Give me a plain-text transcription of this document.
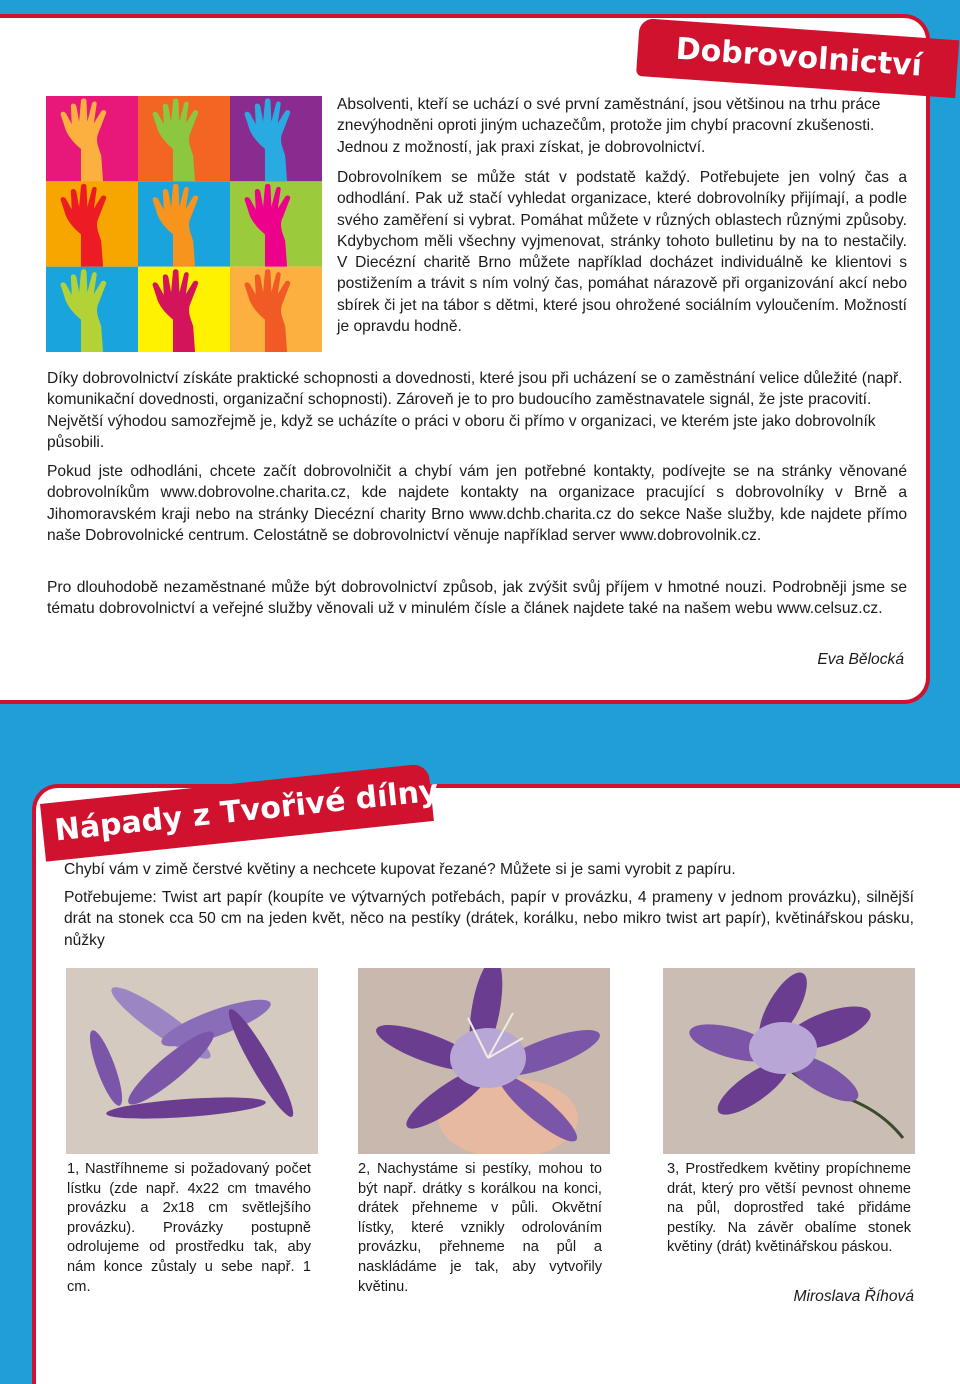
Dobrovolnictví

Absolventi, kteří se uchází o své první zaměstnání, jsou většinou na trhu práce znevýhodněni oproti jiným uchazečům, protože jim chybí pracovní zkušenosti. Jednou z možností, jak praxi získat, je dobrovolnictví.

Dobrovolníkem se může stát v podstatě každý. Potřebujete jen volný čas a odhodlání. Pak už stačí vyhledat organizace, které dobrovolníky přijímají, a podle svého zaměření si vybrat. Pomáhat můžete v různých oblastech různými způsoby. Kdybychom měli všechny vyjmenovat, stránky tohoto bulletinu by na to nestačily. V Diecézní charitě Brno můžete například docházet individuálně ke klientovi s postižením a trávit s ním volný čas, pomáhat nárazově při organizování akcí nebo sbírek či jet na tábor s dětmi, které jsou ohrožené sociálním vyloučením. Možností je opravdu hodně.

Díky dobrovolnictví získáte praktické schopnosti a dovednosti, které jsou při ucházení se o zaměstnání velice důležité (např. komunikační dovednosti, organizační schopnosti). Zároveň je to pro budoucího zaměstnavatele signál, že jste pracovití. Největší výhodou samozřejmě je, když se ucházíte o práci v oboru či přímo v organizaci, ve kterém jste jako dobrovolník působili.

Pokud jste odhodláni, chcete začít dobrovolničit a chybí vám jen potřebné kontakty, podívejte se na stránky věnované dobrovolníkům www.dobrovolne.charita.cz, kde najdete kontakty na organizace pracující s dobrovolníky v Brně a Jihomoravském kraji nebo na stránky Diecézní charity Brno www.dchb.charita.cz do sekce Naše služby, kde najdete přímo naše Dobrovolnické centrum. Celostátně se dobrovolnictví věnuje například server www.dobrovolnik.cz.

Pro dlouhodobě nezaměstnané může být dobrovolnictví způsob, jak zvýšit svůj příjem v hmotné nouzi. Podrobněji jsme se tématu dobrovolnictví a veřejné služby věnovali už v minulém čísle a článek najdete také na našem webu www.celsuz.cz.

Eva Bělocká

Nápady z Tvořivé dílny

Chybí vám v zimě čerstvé květiny a nechcete kupovat řezané? Můžete si je sami vyrobit z papíru.

Potřebujeme: Twist art papír (koupíte ve výtvarných potřebách, papír v provázku, 4 prameny v jednom provázku), silnější drát na stonek cca 50 cm na jeden květ, něco na pestíky (drátek, korálku, nebo mikro twist art papír), květinářskou pásku, nůžky

1, Nastříhneme si požadovaný počet lístku (zde např. 4x22 cm tmavého provázku a 2x18 cm světlejšího provázku). Provázky postupně odrolujeme od prostředku tak, aby nám konce zůstaly u sebe např. 1 cm.

2, Nachystáme si pestíky, mohou to být např. drátky s korálkou na konci, drátek přehneme v půli. Okvětní lístky, které vznikly odrolováním provázku, přehneme na půl a naskládáme je tak, aby vytvořily květinu.

3, Prostředkem květiny propíchneme drát, který pro větší pevnost ohneme na půl, doprostřed také přidáme pestíky. Na závěr obalíme stonek květiny (drát) květinářskou páskou.

Miroslava Říhová
